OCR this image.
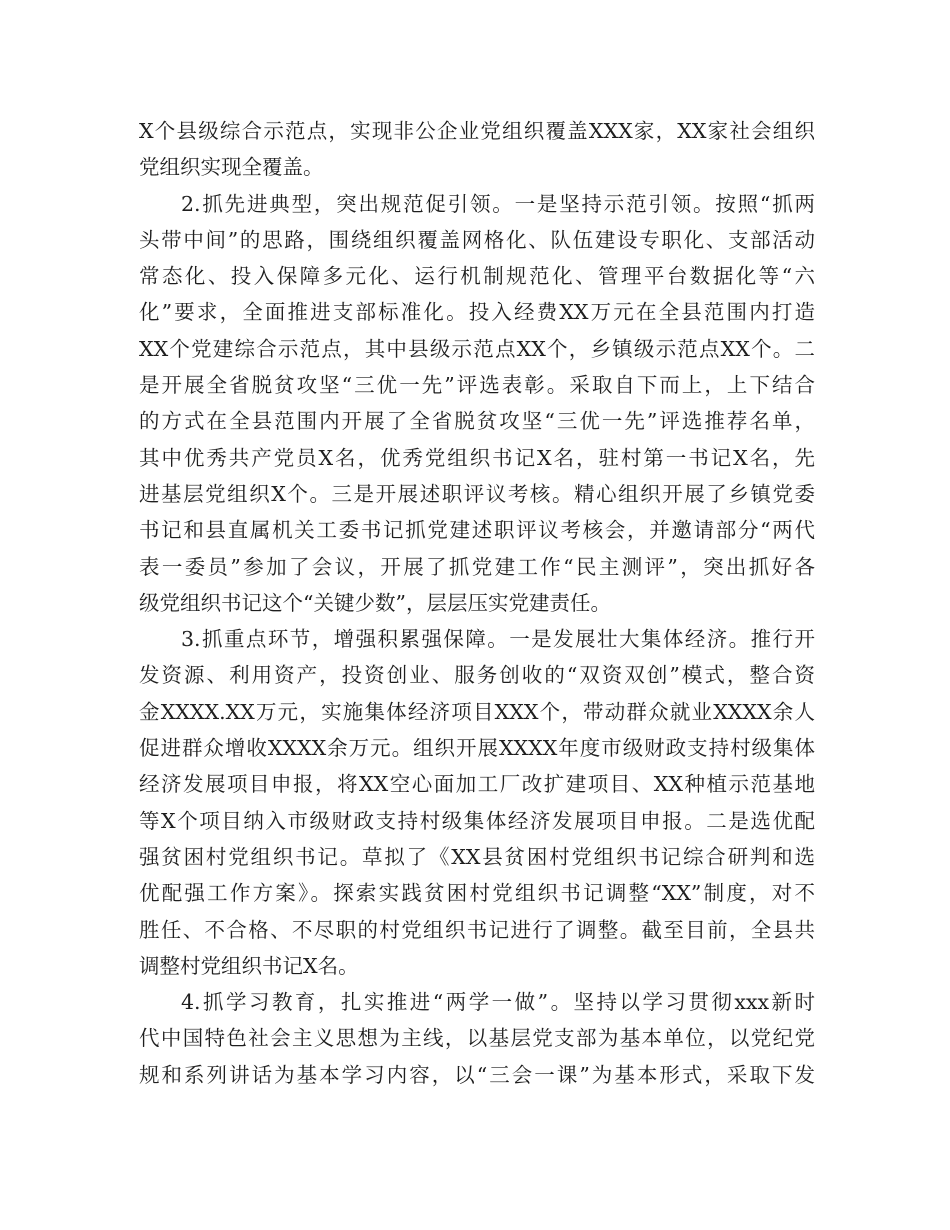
X个县级综合示范点，实现非公企业党组织覆盖XXX家，XX家社会组织
党组织实现全覆盖。
2.抓先进典型，突出规范促引领。一是坚持示范引领。按照“抓两
头带中间”的思路，围绕组织覆盖网格化、队伍建设专职化、支部活动
常态化、投入保障多元化、运行机制规范化、管理平台数据化等“六
化”要求，全面推进支部标准化。投入经费XX万元在全县范围内打造
XX个党建综合示范点，其中县级示范点XX个，乡镇级示范点XX个。二
是开展全省脱贫攻坚“三优一先”评选表彰。采取自下而上，上下结合
的方式在全县范围内开展了全省脱贫攻坚“三优一先”评选推荐名单，
其中优秀共产党员X名，优秀党组织书记X名，驻村第一书记X名，先
进基层党组织X个。三是开展述职评议考核。精心组织开展了乡镇党委
书记和县直属机关工委书记抓党建述职评议考核会，并邀请部分“两代
表一委员”参加了会议，开展了抓党建工作“民主测评”，突出抓好各
级党组织书记这个“关键少数”，层层压实党建责任。
3.抓重点环节，增强积累强保障。一是发展壮大集体经济。推行开
发资源、利用资产，投资创业、服务创收的“双资双创”模式，整合资
金XXXX.XX万元，实施集体经济项目XXX个，带动群众就业XXXX余人
促进群众增收XXXX余万元。组织开展XXXX年度市级财政支持村级集体
经济发展项目申报，将XX空心面加工厂改扩建项目、XX种植示范基地
等X个项目纳入市级财政支持村级集体经济发展项目申报。二是选优配
强贫困村党组织书记。草拟了《XX县贫困村党组织书记综合研判和选
优配强工作方案》。探索实践贫困村党组织书记调整“XX”制度，对不
胜任、不合格、不尽职的村党组织书记进行了调整。截至目前，全县共
调整村党组织书记X名。
4.抓学习教育，扎实推进“两学一做”。坚持以学习贯彻xxx新时
代中国特色社会主义思想为主线，以基层党支部为基本单位，以党纪党
规和系列讲话为基本学习内容，以“三会一课”为基本形式，采取下发
